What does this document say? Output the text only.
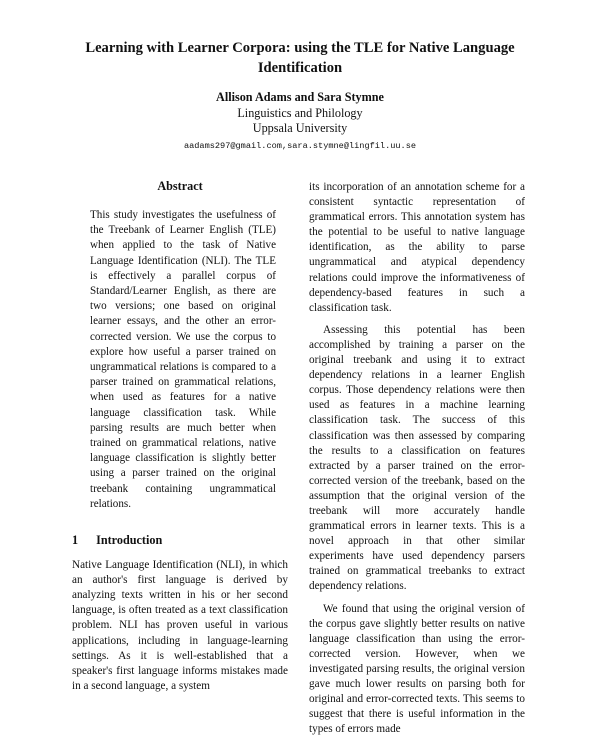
Learning with Learner Corpora: using the TLE for Native Language Identification
Allison Adams and Sara Stymne
Linguistics and Philology
Uppsala University
aadams297@gmail.com,sara.stymne@lingfil.uu.se
Abstract
This study investigates the usefulness of the Treebank of Learner English (TLE) when applied to the task of Native Language Identification (NLI). The TLE is effectively a parallel corpus of Standard/Learner English, as there are two versions; one based on original learner essays, and the other an error-corrected version. We use the corpus to explore how useful a parser trained on ungrammatical relations is compared to a parser trained on grammatical relations, when used as features for a native language classification task. While parsing results are much better when trained on grammatical relations, native language classification is slightly better using a parser trained on the original treebank containing ungrammatical relations.
1 Introduction

Native Language Identification (NLI), in which an author's first language is derived by analyzing texts written in his or her second language, is often treated as a text classification problem. NLI has proven useful in various applications, including in language-learning settings. As it is well-established that a speaker's first language informs mistakes made in a second language, a system

its incorporation of an annotation scheme for a consistent syntactic representation of grammatical errors. This annotation system has the potential to be useful to native language identification, as the ability to parse ungrammatical and atypical dependency relations could improve the informativeness of dependency-based features in such a classification task.

Assessing this potential has been accomplished by training a parser on the original treebank and using it to extract dependency relations in a learner English corpus. Those dependency relations were then used as features in a machine learning classification task. The success of this classification was then assessed by comparing the results to a classification on features extracted by a parser trained on the error-corrected version of the treebank, based on the assumption that the original version of the treebank will more accurately handle grammatical errors in learner texts. This is a novel approach in that other similar experiments have used dependency parsers trained on grammatical treebanks to extract dependency relations.

We found that using the original version of the corpus gave slightly better results on native language classification than using the error-corrected version. However, when we investigated parsing results, the original version gave much lower results on parsing both for original and error-corrected texts. This seems to suggest that there is useful information in the types of errors made
